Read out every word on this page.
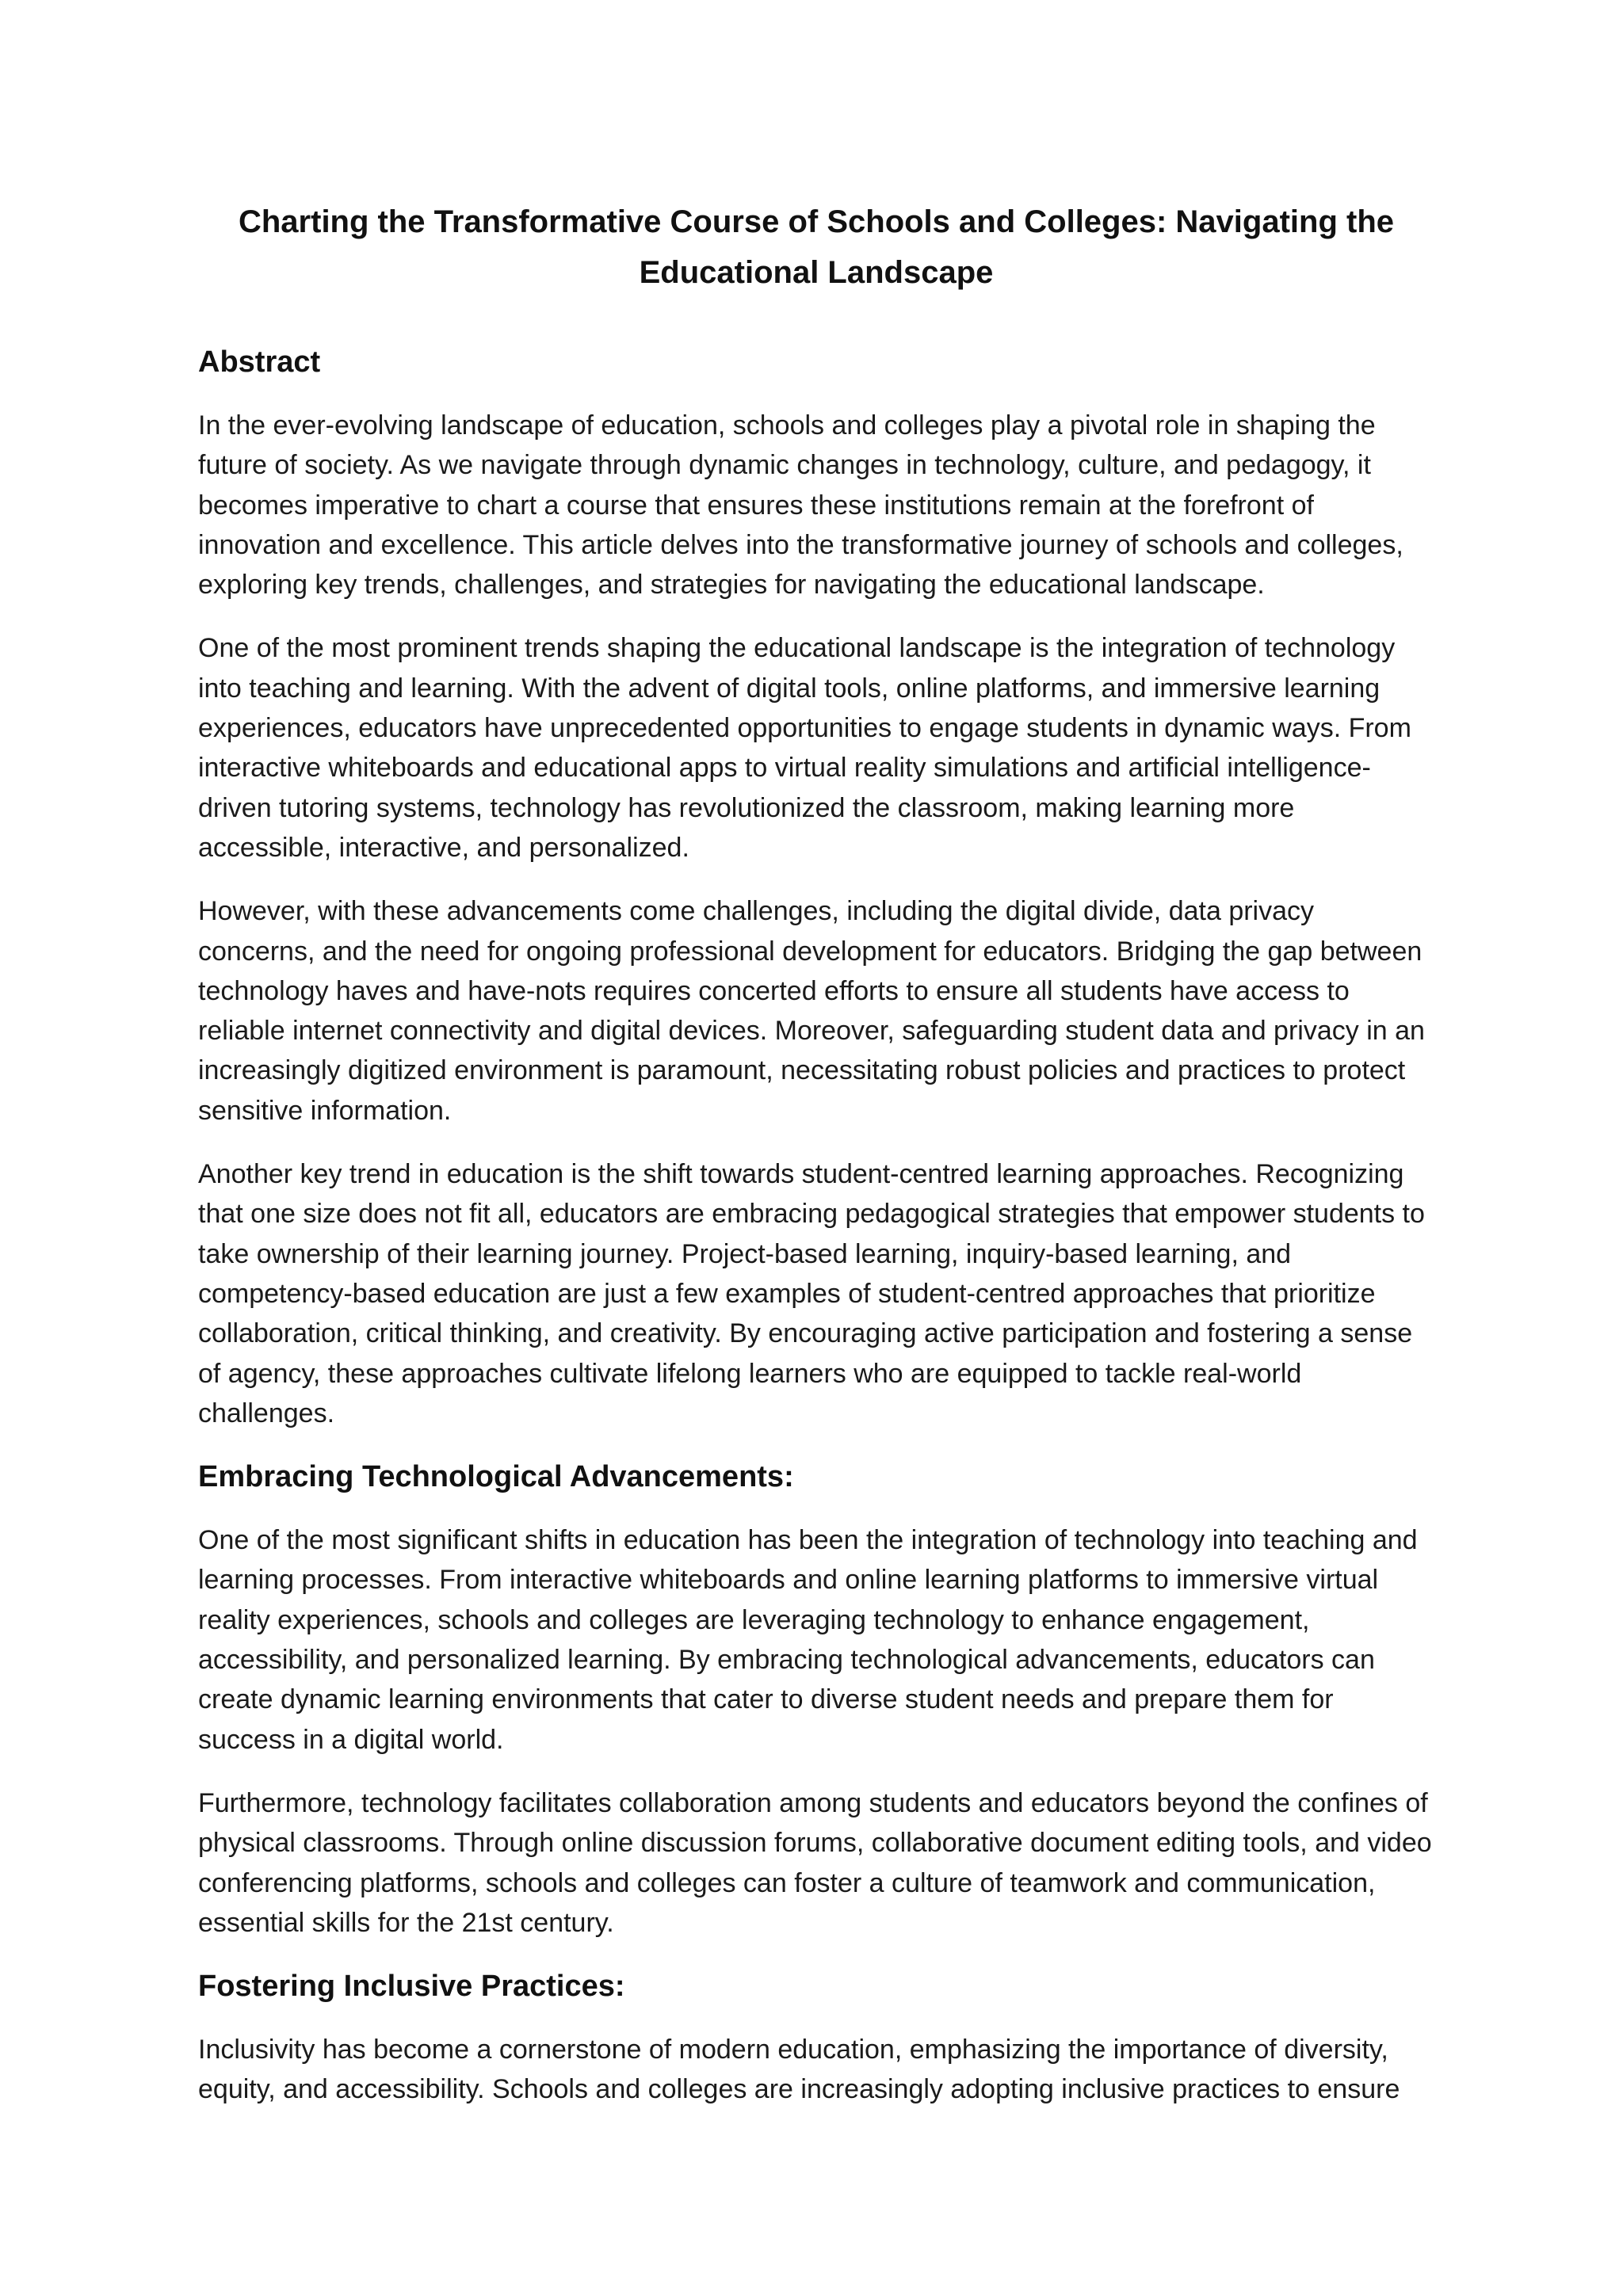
Charting the Transformative Course of Schools and Colleges: Navigating the Educational Landscape
Abstract

In the ever-evolving landscape of education, schools and colleges play a pivotal role in shaping the future of society. As we navigate through dynamic changes in technology, culture, and pedagogy, it becomes imperative to chart a course that ensures these institutions remain at the forefront of innovation and excellence. This article delves into the transformative journey of schools and colleges, exploring key trends, challenges, and strategies for navigating the educational landscape.

One of the most prominent trends shaping the educational landscape is the integration of technology into teaching and learning. With the advent of digital tools, online platforms, and immersive learning experiences, educators have unprecedented opportunities to engage students in dynamic ways. From interactive whiteboards and educational apps to virtual reality simulations and artificial intelligence-driven tutoring systems, technology has revolutionized the classroom, making learning more accessible, interactive, and personalized.

However, with these advancements come challenges, including the digital divide, data privacy concerns, and the need for ongoing professional development for educators. Bridging the gap between technology haves and have-nots requires concerted efforts to ensure all students have access to reliable internet connectivity and digital devices. Moreover, safeguarding student data and privacy in an increasingly digitized environment is paramount, necessitating robust policies and practices to protect sensitive information.

Another key trend in education is the shift towards student-centred learning approaches. Recognizing that one size does not fit all, educators are embracing pedagogical strategies that empower students to take ownership of their learning journey. Project-based learning, inquiry-based learning, and competency-based education are just a few examples of student-centred approaches that prioritize collaboration, critical thinking, and creativity. By encouraging active participation and fostering a sense of agency, these approaches cultivate lifelong learners who are equipped to tackle real-world challenges.

Embracing Technological Advancements:

One of the most significant shifts in education has been the integration of technology into teaching and learning processes. From interactive whiteboards and online learning platforms to immersive virtual reality experiences, schools and colleges are leveraging technology to enhance engagement, accessibility, and personalized learning. By embracing technological advancements, educators can create dynamic learning environments that cater to diverse student needs and prepare them for success in a digital world.

Furthermore, technology facilitates collaboration among students and educators beyond the confines of physical classrooms. Through online discussion forums, collaborative document editing tools, and video conferencing platforms, schools and colleges can foster a culture of teamwork and communication, essential skills for the 21st century.

Fostering Inclusive Practices:

Inclusivity has become a cornerstone of modern education, emphasizing the importance of diversity, equity, and accessibility. Schools and colleges are increasingly adopting inclusive practices to ensure
